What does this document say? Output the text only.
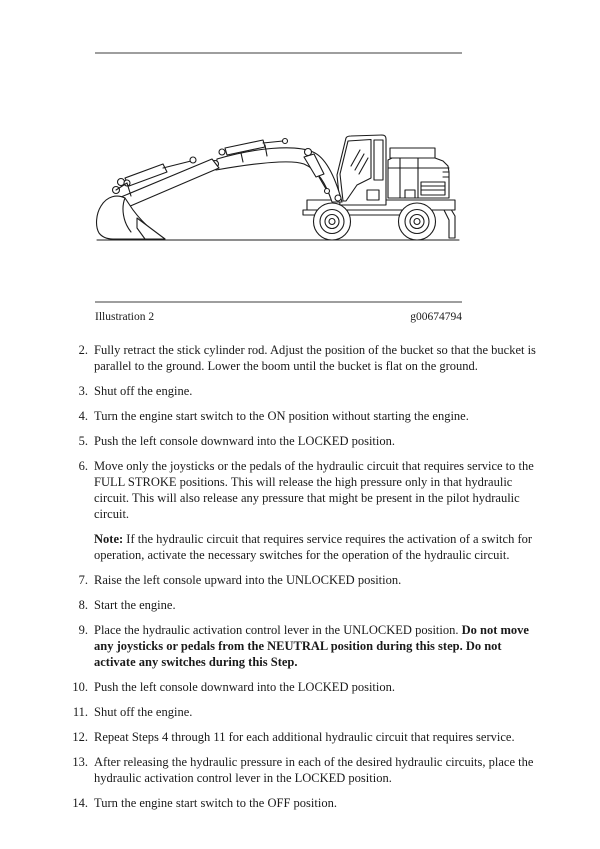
Illustration 2	g00674794
2. Fully retract the stick cylinder rod. Adjust the position of the bucket so that the bucket is parallel to the ground. Lower the boom until the bucket is flat on the ground.
3. Shut off the engine.
4. Turn the engine start switch to the ON position without starting the engine.
5. Push the left console downward into the LOCKED position.
6. Move only the joysticks or the pedals of the hydraulic circuit that requires service to the FULL STROKE positions. This will release the high pressure only in that hydraulic circuit. This will also release any pressure that might be present in the pilot hydraulic circuit.
Note: If the hydraulic circuit that requires service requires the activation of a switch for operation, activate the necessary switches for the operation of the hydraulic circuit.
7. Raise the left console upward into the UNLOCKED position.
8. Start the engine.
9. Place the hydraulic activation control lever in the UNLOCKED position. Do not move any joysticks or pedals from the NEUTRAL position during this step. Do not activate any switches during this Step.
10. Push the left console downward into the LOCKED position.
11. Shut off the engine.
12. Repeat Steps 4 through 11 for each additional hydraulic circuit that requires service.
13. After releasing the hydraulic pressure in each of the desired hydraulic circuits, place the hydraulic activation control lever in the LOCKED position.
14. Turn the engine start switch to the OFF position.
